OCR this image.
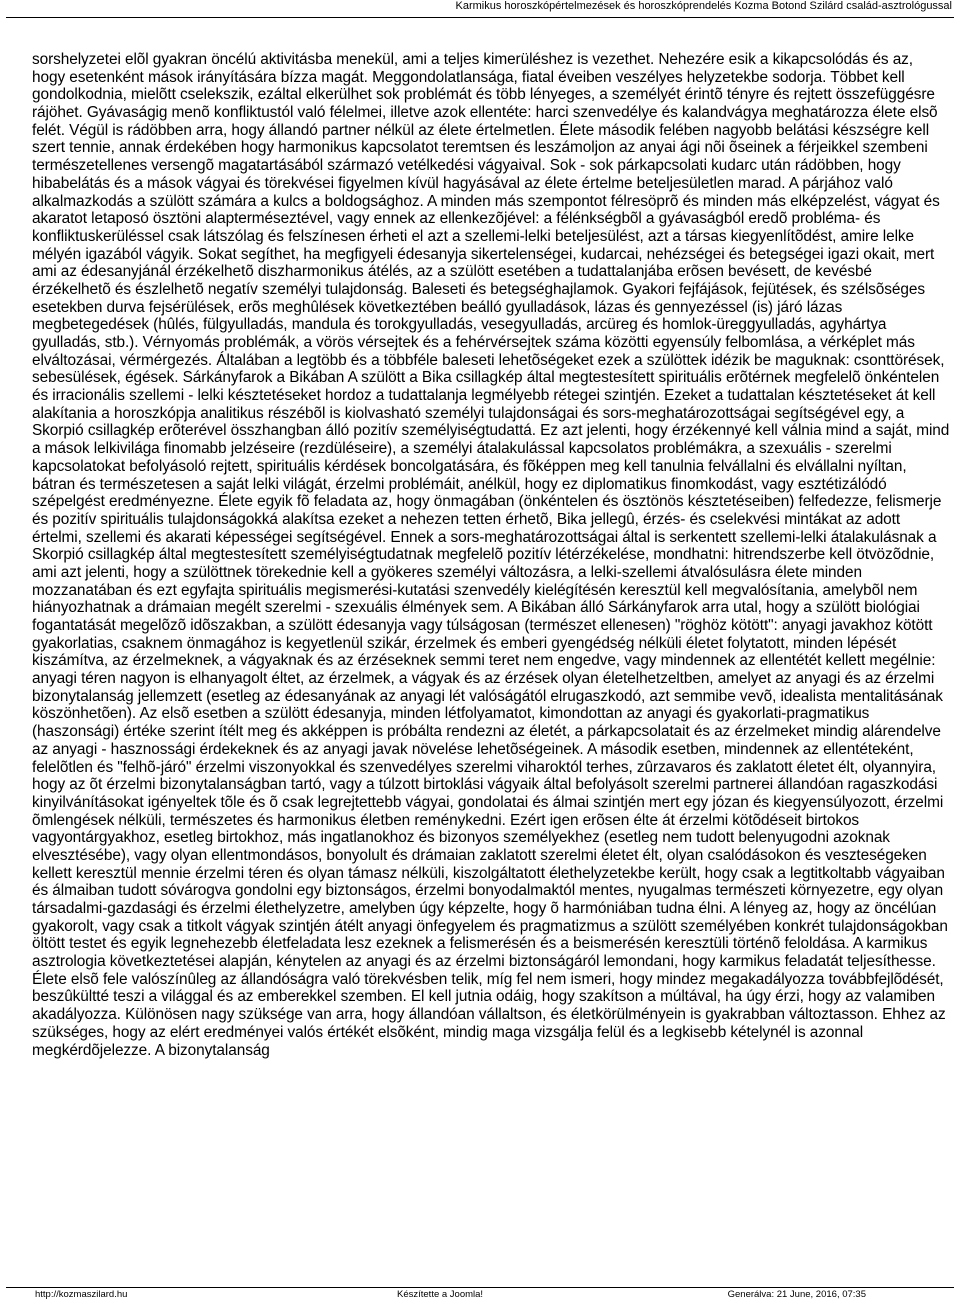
Karmikus horoszkópértelmezések és horoszkóprendelés Kozma Botond Szilárd család-asztrológussal

sorshelyzetei elõl gyakran öncélú aktivitásba menekül, ami a teljes kimerüléshez is vezethet. Nehezére esik a kikapcsolódás és az, hogy esetenként mások irányítására bízza magát. Meggondolatlansága, fiatal éveiben veszélyes helyzetekbe sodorja. Többet kell gondolkodnia, mielõtt cselekszik, ezáltal elkerülhet sok problémát és több lényeges, a személyét érintõ tényre és rejtett összefüggésre rájöhet. Gyávaságig menõ konfliktustól való félelmei, illetve azok ellentéte: harci szenvedélye és kalandvágya meghatározza élete elsõ felét. Végül is rádöbben arra, hogy állandó partner nélkül az élete értelmetlen. Élete második felében nagyobb belátási készségre kell szert tennie, annak érdekében hogy harmonikus kapcsolatot teremtsen és leszámoljon az anyai ági nõi õseinek a férjeikkel szembeni természetellenes versengõ magatartásából származó vetélkedési vágyaival. Sok - sok párkapcsolati kudarc után rádöbben, hogy hibabelátás és a mások vágyai és törekvései figyelmen kívül hagyásával az élete értelme beteljesületlen marad. A párjához való alkalmazkodás a szülött számára a kulcs a boldogsághoz. A minden más szempontot félresöprõ és minden más elképzelést, vágyat és akaratot letaposó ösztöni alapterméseztével, vagy ennek az ellenkezõjével: a félénkségbõl a gyávaságból eredõ probléma- és konfliktuskerüléssel csak látszólag és felszínesen érheti el azt a szellemi-lelki beteljesülést, azt a társas kiegyenlítõdést, amire lelke mélyén igazából vágyik. Sokat segíthet, ha megfigyeli édesanyja sikertelenségei, kudarcai, nehézségei és betegségei igazi okait, mert ami az édesanyjánál érzékelhetõ diszharmonikus átélés, az a szülött esetében a tudattalanjába erõsen bevésett, de kevésbé érzékelhetõ és észlelhetõ negatív személyi tulajdonság. Baleseti és betegséghajlamok. Gyakori fejfájások, fejütések, és szélsõséges esetekben durva fejsérülések, erõs meghûlések következtében beálló gyulladások, lázas és gennyezéssel (is) járó lázas megbetegedések (hûlés, fülgyulladás, mandula és torokgyulladás, vesegyulladás, arcüreg és homlok-üreggyulladás, agyhártya gyulladás, stb.). Vérnyomás problémák, a vörös vérsejtek és a fehérvérsejtek száma közötti egyensúly felbomlása, a vérképlet más elváltozásai, vérmérgezés. Általában a legtöbb és a többféle baleseti lehetõségeket ezek a szülöttek idézik be maguknak: csonttörések, sebesülések, égések. Sárkányfarok a Bikában A szülött a Bika csillagkép által megtestesített spirituális erõtérnek megfelelõ önkéntelen és irracionális szellemi - lelki késztetéseket hordoz a tudattalanja legmélyebb rétegei szintjén. Ezeket a tudattalan késztetéseket át kell alakítania a horoszkópja analitikus részébõl is kiolvasható személyi tulajdonságai és sors-meghatározottságai segítségével egy, a Skorpió csillagkép erõterével összhangban álló pozitív személyiségtudattá. Ez azt jelenti, hogy érzékennyé kell válnia mind a saját, mind a mások lelkivilága finomabb jelzéseire (rezdüléseire), a személyi átalakulással kapcsolatos problémákra, a szexuális - szerelmi kapcsolatokat befolyásoló rejtett, spirituális kérdések boncolgatására, és fõképpen meg kell tanulnia felvállalni és elvállalni nyíltan, bátran és természetesen a saját lelki világát, érzelmi problémáit, anélkül, hogy ez diplomatikus finomkodást, vagy esztétizálódó szépelgést eredményezne. Élete egyik fõ feladata az, hogy önmagában (önkéntelen és ösztönös késztetéseiben) felfedezze, felismerje és pozitív spirituális tulajdonságokká alakítsa ezeket a nehezen tetten érhetõ, Bika jellegû, érzés- és cselekvési mintákat az adott értelmi, szellemi és akarati képességei segítségével. Ennek a sors-meghatározottságai által is serkentett szellemi-lelki átalakulásnak a Skorpió csillagkép által megtestesített személyiségtudatnak megfelelõ pozitív létérzékelése, mondhatni: hitrendszerbe kell ötvözõdnie, ami azt jelenti, hogy a szülöttnek törekednie kell a gyökeres személyi változásra, a lelki-szellemi átvalósulásra élete minden mozzanatában és ezt egyfajta spirituális megismerési-kutatási szenvedély kielégítésén keresztül kell megvalósítania, amelybõl nem hiányozhatnak a drámaian megélt szerelmi - szexuális élmények sem. A Bikában álló Sárkányfarok arra utal, hogy a szülött biológiai fogantatását megelõzõ idõszakban, a szülött édesanyja vagy túlságosan (természet ellenesen) "röghöz kötött": anyagi javakhoz kötött gyakorlatias, csaknem önmagához is kegyetlenül szikár, érzelmek és emberi gyengédség nélküli életet folytatott, minden lépését kiszámítva, az érzelmeknek, a vágyaknak és az érzéseknek semmi teret nem engedve, vagy mindennek az ellentétét kellett megélnie: anyagi téren nagyon is elhanyagolt éltet, az érzelmek, a vágyak és az érzések olyan életelhetzeltben, amelyet az anyagi és az érzelmi bizonytalanság jellemzett (esetleg az édesanyának az anyagi lét valóságától elrugaszkodó, azt semmibe vevõ, idealista mentalitásának köszönhetõen). Az elsõ esetben a szülött édesanyja, minden létfolyamatot, kimondottan az anyagi és gyakorlati-pragmatikus (haszonsági) értéke szerint ítélt meg és akképpen is próbálta rendezni az életét, a párkapcsolatait és az érzelmeket mindig alárendelve az anyagi - hasznossági érdekeknek és az anyagi javak növelése lehetõségeinek. A második esetben, mindennek az ellentéteként, felelõtlen és "felhõ-járó" érzelmi viszonyokkal és szenvedélyes szerelmi viharoktól terhes, zûrzavaros és zaklatott életet élt, olyannyira, hogy az õt érzelmi bizonytalanságban tartó, vagy a túlzott birtoklási vágyaik által befolyásolt szerelmi partnerei állandóan ragaszkodási kinyilvánításokat igényeltek tõle és õ csak legrejtettebb vágyai, gondolatai és álmai szintjén mert egy józan és kiegyensúlyozott, érzelmi õmlengések nélküli, természetes és harmonikus életben reménykedni. Ezért igen erõsen élte át érzelmi kötõdéseit birtokos vagyontárgyakhoz, esetleg birtokhoz, más ingatlanokhoz és bizonyos személyekhez (esetleg nem tudott belenyugodni azoknak elvesztésébe), vagy olyan ellentmondásos, bonyolult és drámaian zaklatott szerelmi életet élt, olyan csalódásokon és veszteségeken kellett keresztül mennie érzelmi téren és olyan támasz nélküli, kiszolgáltatott élethelyzetekbe került, hogy csak a legtitkoltabb vágyaiban és álmaiban tudott sóvárogva gondolni egy biztonságos, érzelmi bonyodalmaktól mentes, nyugalmas természeti környezetre, egy olyan társadalmi-gazdasági és érzelmi élethelyzetre, amelyben úgy képzelte, hogy õ harmóniában tudna élni. A lényeg az, hogy az öncélúan gyakorolt, vagy csak a titkolt vágyak szintjén átélt anyagi önfegyelem és pragmatizmus a szülött személyében konkrét tulajdonságokban öltött testet és egyik legnehezebb életfeladata lesz ezeknek a felismerésén és a beismerésén keresztüli történõ feloldása. A karmikus asztrologia következtetései alapján, kénytelen az anyagi és az érzelmi biztonságáról lemondani, hogy karmikus feladatát teljesíthesse. Élete elsõ fele valószínûleg az állandóságra való törekvésben telik, míg fel nem ismeri, hogy mindez megakadályozza továbbfejlõdését, beszûkültté teszi a világgal és az emberekkel szemben. El kell jutnia odáig, hogy szakítson a múltával, ha úgy érzi, hogy az valamiben akadályozza. Különösen nagy szüksége van arra, hogy állandóan vállaltson, és életkörülményein is gyakrabban változtasson. Ehhez az szükséges, hogy az elért eredményei valós értékét elsõként, mindig maga vizsgálja felül és a legkisebb kételynél is azonnal megkérdõjelezze. A bizonytalanság

http://kozmaszilard.hu	Készítette a Joomla!	Generálva: 21 June, 2016, 07:35
